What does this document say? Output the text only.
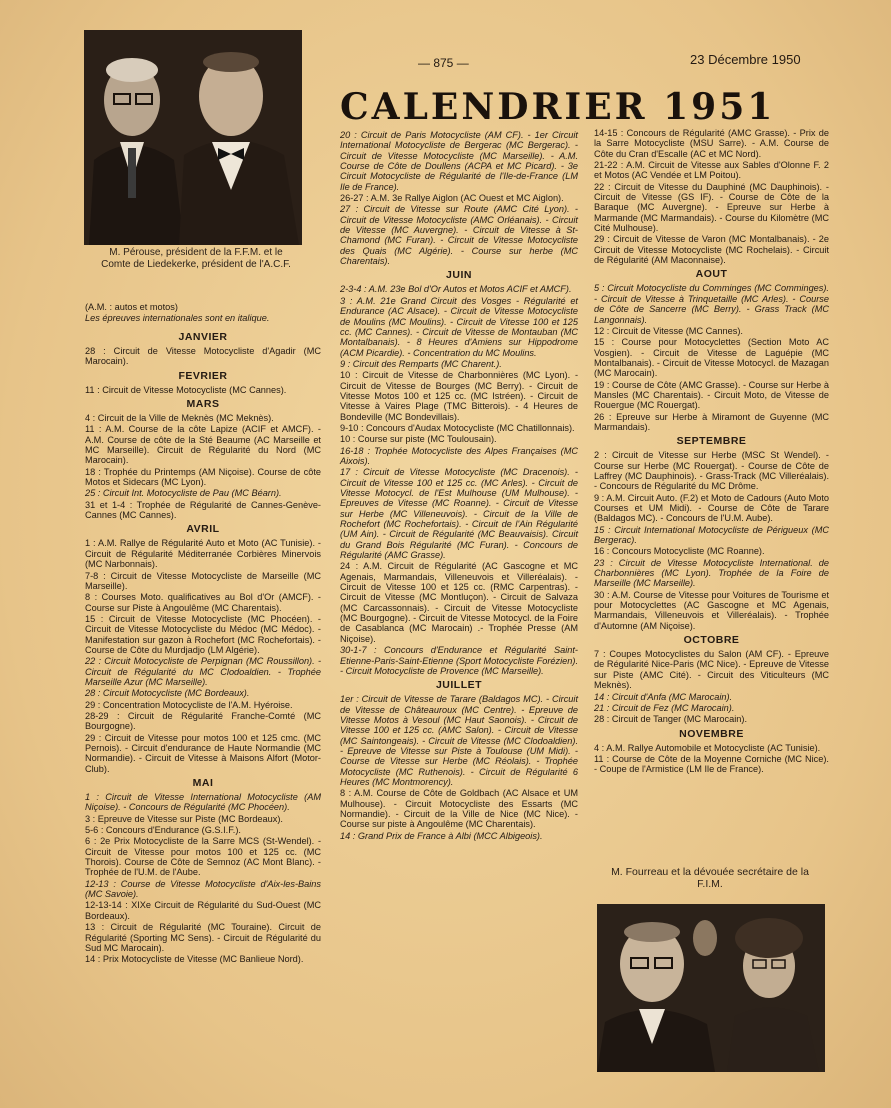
M. Pérouse, président de la F.F.M. et le Comte de Liedekerke, président de l'A.C.F.
— 875 —	23 Décembre 1950
CALENDRIER 1951

(A.M. : autos et motos)

Les épreuves internationales sont en italique.

JANVIER

28 : Circuit de Vitesse Motocycliste d'Agadir (MC Marocain).

FEVRIER

11 : Circuit de Vitesse Motocycliste (MC Cannes).

MARS

4 : Circuit de la Ville de Meknès (MC Meknès).

11 : A.M. Course de la côte Lapize (ACIF et AMCF). - A.M. Course de côte de la Sté Beaume (AC Marseille et MC Marseille). Circuit de Régularité du Nord (MC Marocain).

18 : Trophée du Printemps (AM Niçoise). Course de côte Motos et Sidecars (MC Lyon).

25 : Circuit Int. Motocycliste de Pau (MC Béarn).

31 et 1-4 : Trophée de Régularité de Cannes-Genève-Cannes (MC Cannes).

AVRIL

1 : A.M. Rallye de Régularité Auto et Moto (AC Tunisie). - Circuit de Régularité Méditerranée Corbières Minervois (MC Narbonnais).

7-8 : Circuit de Vitesse Motocycliste de Marseille (MC Marseille).

8 : Courses Moto. qualificatives au Bol d'Or (AMCF). - Course sur Piste à Angoulême (MC Charentais).

15 : Circuit de Vitesse Motocycliste (MC Phocéen). - Circuit de Vitesse Motocycliste du Médoc (MC Médoc). - Manifestation sur gazon à Rochefort (MC Rochefortais). - Course de Côte du Murdjadjo (LM Algérie).

22 : Circuit Motocycliste de Perpignan (MC Roussillon). - Circuit de Régularité du MC Clodoaldien. - Trophée Marseille Azur (MC Marseille).

28 : Circuit Motocycliste (MC Bordeaux).

29 : Concentration Motocycliste de l'A.M. Hyéroise.

28-29 : Circuit de Régularité Franche-Comté (MC Bourgogne).

29 : Circuit de Vitesse pour motos 100 et 125 cmc. (MC Pernois). - Circuit d'endurance de Haute Normandie (MC Normandie). - Circuit de Vitesse à Maisons Alfort (Motor-Club).

MAI

1 : Circuit de Vitesse International Motocycliste (AM Niçoise). - Concours de Régularité (MC Phocéen).

3 : Epreuve de Vitesse sur Piste (MC Bordeaux).

5-6 : Concours d'Endurance (G.S.I.F.).

6 : 2e Prix Motocycliste de la Sarre MCS (St-Wendel). - Circuit de Vitesse pour motos 100 et 125 cc. (MC Thorois). Course de Côte de Semnoz (AC Mont Blanc). - Trophée de l'U.M. de l'Aube.

12-13 : Course de Vitesse Motocycliste d'Aix-les-Bains (MC Savoie).

12-13-14 : XIXe Circuit de Régularité du Sud-Ouest (MC Bordeaux).

13 : Circuit de Régularité (MC Touraine). Circuit de Régularité (Sporting MC Sens). - Circuit de Régularité du Sud MC Marocain).

14 : Prix Motocycliste de Vitesse (MC Banlieue Nord).

20 : Circuit de Paris Motocycliste (AM CF). - 1er Circuit International Motocycliste de Bergerac (MC Bergerac). - Circuit de Vitesse Motocycliste (MC Marseille). - A.M. Course de Côte de Doullens (ACPA et MC Picard). - 3e Circuit Motocycliste de Régularité de l'Ile-de-France (LM Ile de France).

26-27 : A.M. 3e Rallye Aiglon (AC Ouest et MC Aiglon).

27 : Circuit de Vitesse sur Route (AMC Cité Lyon). - Circuit de Vitesse Motocycliste (AMC Orléanais). - Circuit de Vitesse (MC Auvergne). - Circuit de Vitesse à St-Chamond (MC Furan). - Circuit de Vitesse Motocycliste des Quais (MC Algérie). - Course sur herbe (MC Charentais).

JUIN

2-3-4 : A.M. 23e Bol d'Or Autos et Motos ACIF et AMCF).

3 : A.M. 21e Grand Circuit des Vosges - Régularité et Endurance (AC Alsace). - Circuit de Vitesse Motocycliste de Moulins (MC Moulins). - Circuit de Vitesse 100 et 125 cc. (MC Cannes). - Circuit de Vitesse de Montauban (MC Montalbanais). - 8 Heures d'Amiens sur Hippodrome (ACM Picardie). - Concentration du MC Moulins.

9 : Circuit des Remparts (MC Charent.).

10 : Circuit de Vitesse de Charbonnières (MC Lyon). - Circuit de Vitesse de Bourges (MC Berry). - Circuit de Vitesse Motos 100 et 125 cc. (MC Istréen). - Circuit de Vitesse à Vaires Plage (TMC Bitterois). - 4 Heures de Bondeville (MC Bondevillais).

9-10 : Concours d'Audax Motocycliste (MC Chatillonnais).

10 : Course sur piste (MC Toulousain).

16-18 : Trophée Motocycliste des Alpes Françaises (MC Aixois).

17 : Circuit de Vitesse Motocycliste (MC Dracenois). - Circuit de Vitesse 100 et 125 cc. (MC Arles). - Circuit de Vitesse Motocycl. de l'Est Mulhouse (UM Mulhouse). - Epreuves de Vitesse (MC Roanne). - Circuit de Vitesse sur Herbe (MC Villeneuvois). - Circuit de la Ville de Rochefort (MC Rochefortais). - Circuit de l'Ain Régularité (UM Ain). - Circuit de Régularité (MC Beauvaisis). Circuit du Grand Bois Régularité (MC Furan). - Concours de Régularité (AMC Grasse).

24 : A.M. Circuit de Régularité (AC Gascogne et MC Agenais, Marmandais, Villeneuvois et Villeréalais). - Circuit de Vitesse 100 et 125 cc. (RMC Carpentras). - Circuit de Vitesse (MC Montluçon). - Circuit de Salvaza (MC Carcassonnais). - Circuit de Vitesse Motocycliste (MC Bourgogne). - Circuit de Vitesse Motocycl. de la Foire de Casablanca (MC Marocain) .- Trophée Presse (AM Niçoise).

30-1-7 : Concours d'Endurance et Régularité Saint-Etienne-Paris-Saint-Etienne (Sport Motocycliste Forézien). - Circuit Motocycliste de Provence (MC Marseille).

JUILLET

1er : Circuit de Vitesse de Tarare (Baldagos MC). - Circuit de Vitesse de Châteauroux (MC Centre). - Epreuve de Vitesse Motos à Vesoul (MC Haut Saonois). - Circuit de Vitesse 100 et 125 cc. (AMC Salon). - Circuit de Vitesse (MC Saintongeais). - Circuit de Vitesse (MC Clodoaldien). - Epreuve de Vitesse sur Piste à Toulouse (UM Midi). - Course de Vitesse sur Herbe (MC Réolais). - Trophée Motocycliste (MC Ruthenois). - Circuit de Régularité 6 Heures (MC Montmorency).

8 : A.M. Course de Côte de Goldbach (AC Alsace et UM Mulhouse). - Circuit Motocycliste des Essarts (MC Normandie). - Circuit de la Ville de Nice (MC Nice). - Course sur piste à Angoulême (MC Charentais).

14 : Grand Prix de France à Albi (MCC Albigeois).

14-15 : Concours de Régularité (AMC Grasse). - Prix de la Sarre Motocycliste (MSU Sarre). - A.M. Course de Côte du Cran d'Escalle (AC et MC Nord).

21-22 : A.M. Circuit de Vitesse aux Sables d'Olonne F. 2 et Motos (AC Vendée et LM Poitou).

22 : Circuit de Vitesse du Dauphiné (MC Dauphinois). - Circuit de Vitesse (GS IF). - Course de Côte de la Baraque (MC Auvergne). - Epreuve sur Herbe à Marmande (MC Marmandais). - Course du Kilomètre (MC Cité Mulhouse).

29 : Circuit de Vitesse de Varon (MC Montalbanais). - 2e Circuit de Vitesse Motocycliste (MC Rochelais). - Circuit de Régularité (AM Maconnaise).

AOUT

5 : Circuit Motocycliste du Comminges (MC Comminges). - Circuit de Vitesse à Trinquetaille (MC Arles). - Course de Côte de Sancerre (MC Berry). - Grass Track (MC Langonnais).

12 : Circuit de Vitesse (MC Cannes).

15 : Course pour Motocyclettes (Section Moto AC Vosgien). - Circuit de Vitesse de Laguépie (MC Montalbanais). - Circuit de Vitesse Motocycl. de Mazagan (MC Marocain).

19 : Course de Côte (AMC Grasse). - Course sur Herbe à Mansles (MC Charentais). - Circuit Moto, de Vitesse de Rouergue (MC Rouergat).

26 : Epreuve sur Herbe à Miramont de Guyenne (MC Marmandais).

SEPTEMBRE

2 : Circuit de Vitesse sur Herbe (MSC St Wendel). - Course sur Herbe (MC Rouergat). - Course de Côte de Laffrey (MC Dauphinois). - Grass-Track (MC Villeréalais). - Concours de Régularité du MC Drôme.

9 : A.M. Circuit Auto. (F.2) et Moto de Cadours (Auto Moto Courses et UM Midi). - Course de Côte de Tarare (Baldagos MC). - Concours de l'U.M. Aube).

15 : Circuit International Motocycliste de Périgueux (MC Bergerac).

16 : Concours Motocycliste (MC Roanne).

23 : Circuit de Vitesse Motocycliste International. de Charbonnières (MC Lyon). Trophée de la Foire de Marseille (MC Marseille).

30 : A.M. Course de Vitesse pour Voitures de Tourisme et pour Motocyclettes (AC Gascogne et MC Agenais, Marmandais, Villeneuvois et Villeréalais). - Trophée d'Automne (AM Niçoise).

OCTOBRE

7 : Coupes Motocyclistes du Salon (AM CF). - Epreuve de Régularité Nice-Paris (MC Nice). - Epreuve de Vitesse sur Piste (AMC Cité). - Circuit des Viticulteurs (MC Meknès).

14 : Circuit d'Anfa (MC Marocain).

21 : Circuit de Fez (MC Marocain).

28 : Circuit de Tanger (MC Marocain).

NOVEMBRE

4 : A.M. Rallye Automobile et Motocycliste (AC Tunisie).

11 : Course de Côte de la Moyenne Corniche (MC Nice). - Coupe de l'Armistice (LM Ile de France).

M. Fourreau et la dévouée secrétaire de la F.I.M.
